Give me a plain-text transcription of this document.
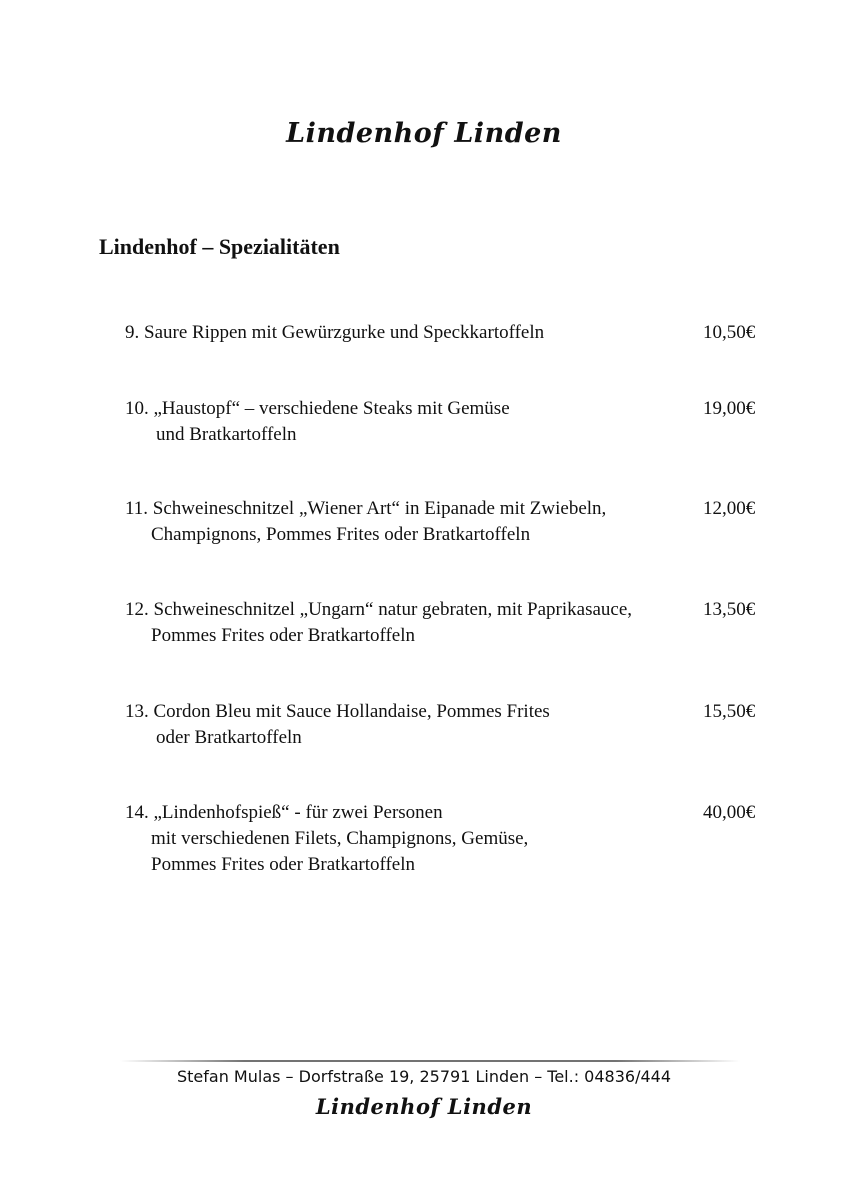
Lindenhof Linden
Lindenhof – Spezialitäten
9. Saure Rippen mit Gewürzgurke und Speckkartoffeln	10,50€
10. „Haustopf“ – verschiedene Steaks mit Gemüse
und Bratkartoffeln
19,00€
11. Schweineschnitzel „Wiener Art“ in Eipanade mit Zwiebeln,
Champignons, Pommes Frites oder Bratkartoffeln
12,00€
12. Schweineschnitzel „Ungarn“ natur gebraten, mit Paprikasauce,
Pommes Frites oder Bratkartoffeln
13,50€
13. Cordon Bleu mit Sauce Hollandaise, Pommes Frites
oder Bratkartoffeln
15,50€
14. „Lindenhofspieß“ - für zwei Personen
mit verschiedenen Filets, Champignons, Gemüse,
Pommes Frites oder Bratkartoffeln
40,00€
Stefan Mulas – Dorfstraße 19, 25791 Linden – Tel.: 04836/444
Lindenhof Linden
